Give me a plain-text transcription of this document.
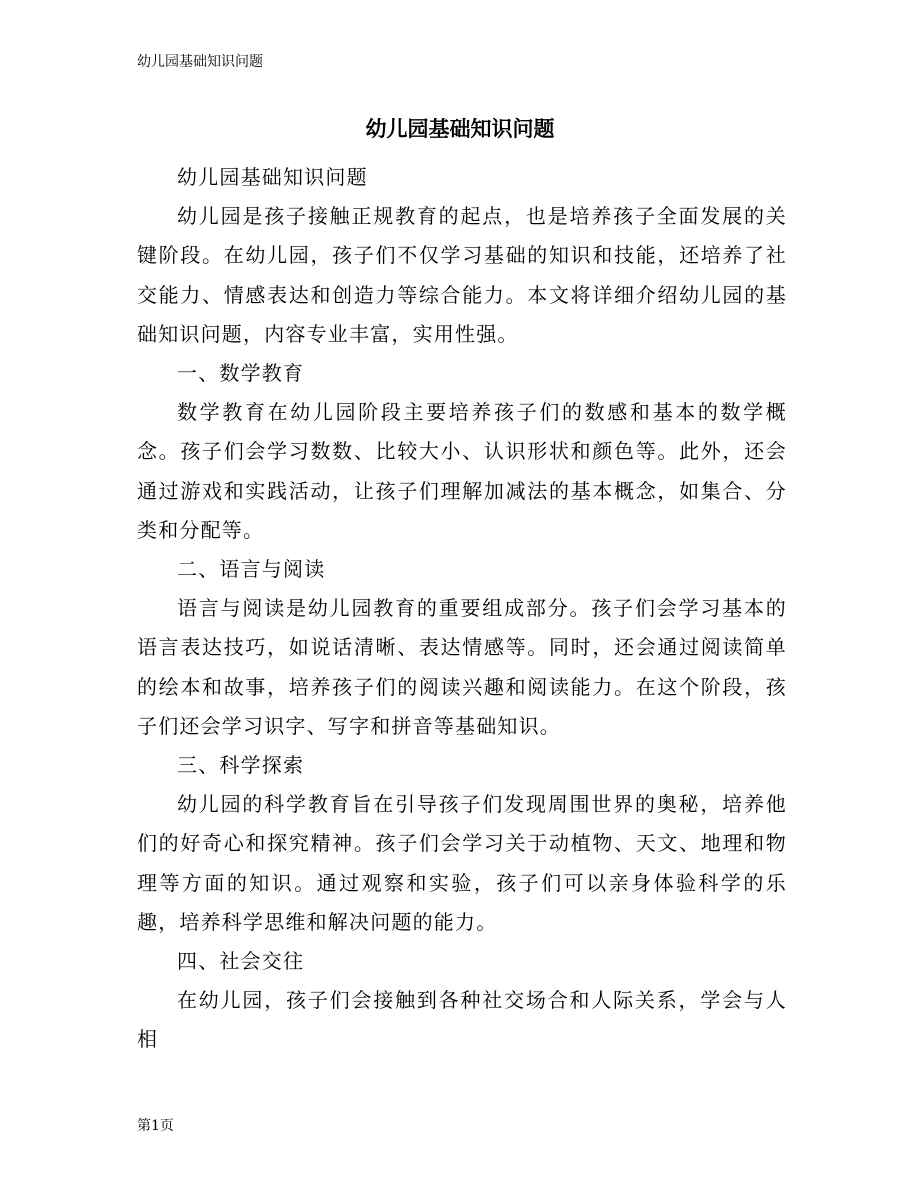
幼儿园基础知识问题
幼儿园基础知识问题

幼儿园基础知识问题

幼儿园是孩子接触正规教育的起点，也是培养孩子全面发展的关键阶段。在幼儿园，孩子们不仅学习基础的知识和技能，还培养了社交能力、情感表达和创造力等综合能力。本文将详细介绍幼儿园的基础知识问题，内容专业丰富，实用性强。

一、数学教育

数学教育在幼儿园阶段主要培养孩子们的数感和基本的数学概念。孩子们会学习数数、比较大小、认识形状和颜色等。此外，还会通过游戏和实践活动，让孩子们理解加减法的基本概念，如集合、分类和分配等。

二、语言与阅读

语言与阅读是幼儿园教育的重要组成部分。孩子们会学习基本的语言表达技巧，如说话清晰、表达情感等。同时，还会通过阅读简单的绘本和故事，培养孩子们的阅读兴趣和阅读能力。在这个阶段，孩子们还会学习识字、写字和拼音等基础知识。

三、科学探索

幼儿园的科学教育旨在引导孩子们发现周围世界的奥秘，培养他们的好奇心和探究精神。孩子们会学习关于动植物、天文、地理和物理等方面的知识。通过观察和实验，孩子们可以亲身体验科学的乐趣，培养科学思维和解决问题的能力。

四、社会交往

在幼儿园，孩子们会接触到各种社交场合和人际关系，学会与人相

第1页
